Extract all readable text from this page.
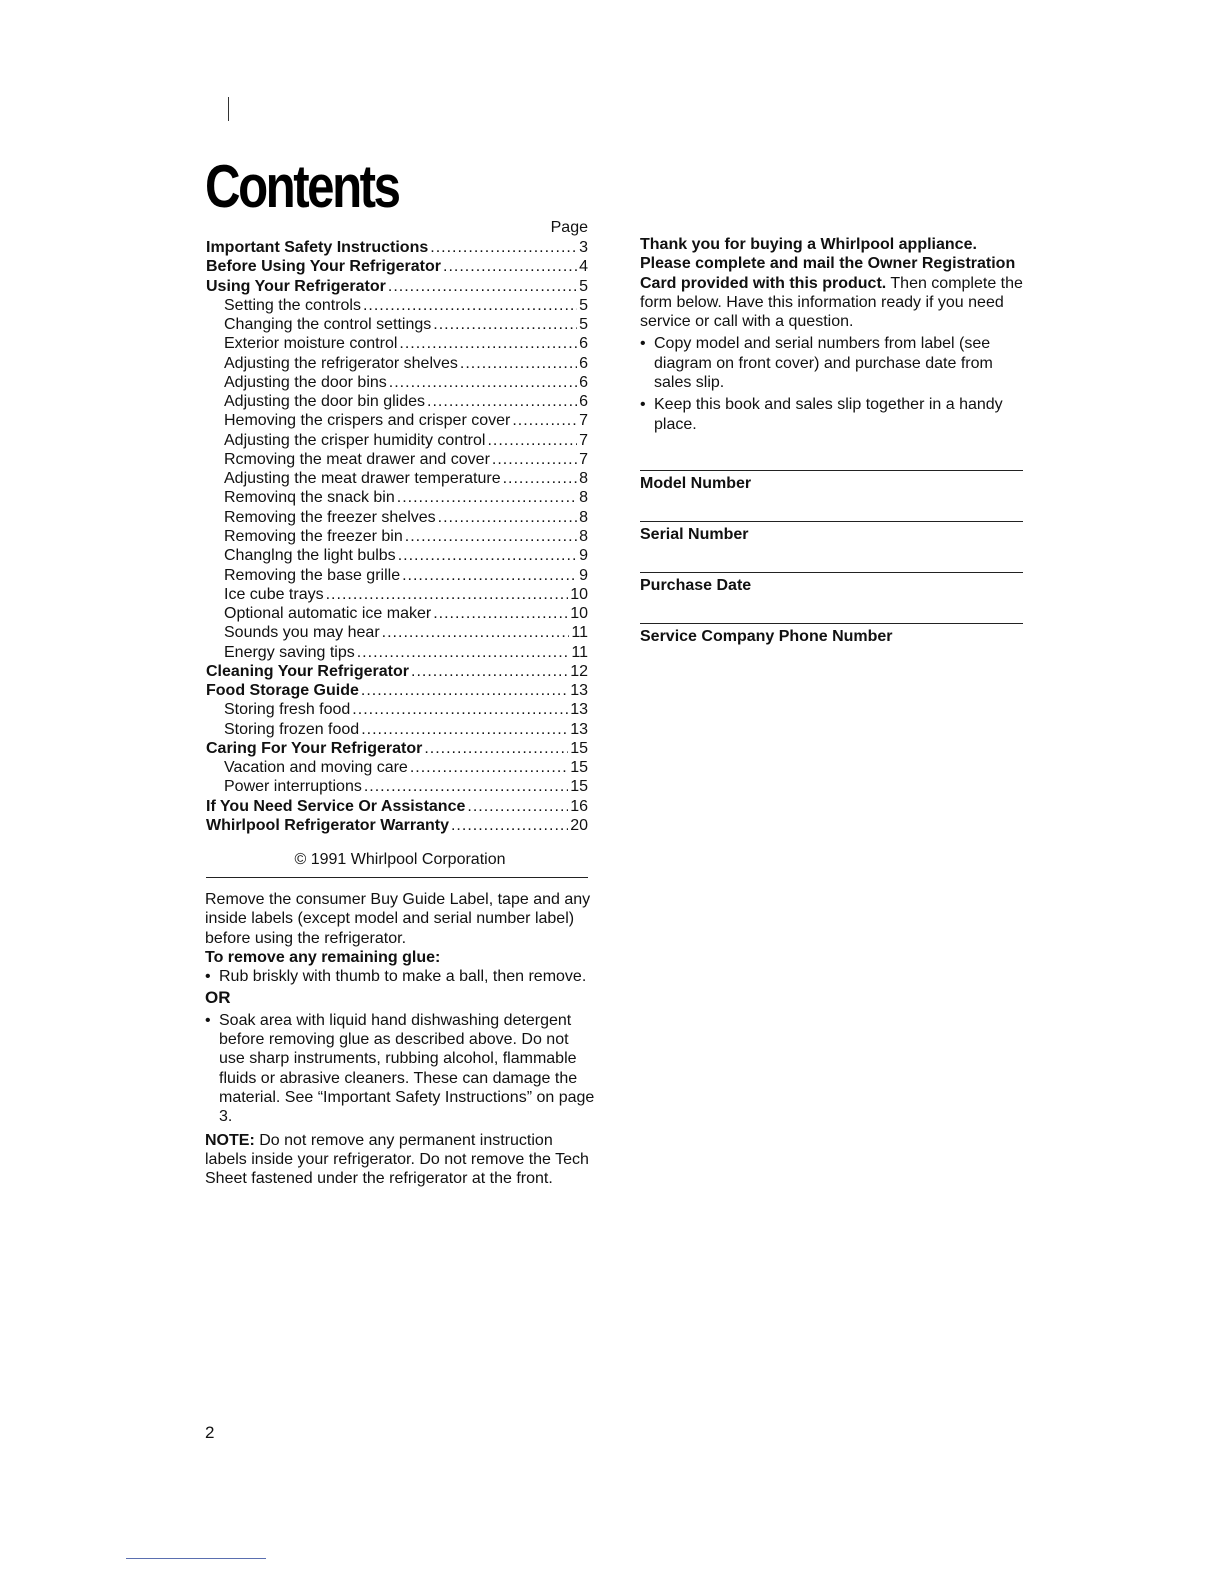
Contents
Page
Important Safety Instructions .....	3
Before Using Your Refrigerator .....	4
Using Your Refrigerator .....	5
Setting the controls .....	5
Changing the control settings .....	5
Exterior moisture control .....	6
Adjusting the refrigerator shelves .....	6
Adjusting the door bins .....	6
Adjusting the door bin glides .....	6
Hemoving the crispers and crisper cover .....	7
Adjusting the crisper humidity control .....	7
Rcmoving the meat drawer and cover .....	7
Adjusting the meat drawer temperature .....	8
Removinq the snack bin .....	8
Removing the freezer shelves .....	8
Removing the freezer bin .....	8
Changlng the light bulbs .....	9
Removing the base grille .....	9
Ice cube trays .....	10
Optional automatic ice maker .....	10
Sounds you may hear .....	11
Energy saving tips .....	11
Cleaning Your Refrigerator .....	12
Food Storage Guide .....	13
Storing fresh food .....	13
Storing frozen food .....	13
Caring For Your Refrigerator .....	15
Vacation and moving care .....	15
Power interruptions .....	15
If You Need Service Or Assistance .....	16
Whirlpool Refrigerator Warranty .....	20
© 1991 Whirlpool Corporation

Remove the consumer Buy Guide Label, tape and any inside labels (except model and serial number label) before using the refrigerator.

To remove any remaining glue:

• Rub briskly with thumb to make a ball, then remove.

OR

• Soak area with liquid hand dishwashing detergent before removing glue as described above. Do not use sharp instruments, rubbing alcohol, flammable fluids or abrasive cleaners. These can damage the material. See “Important Safety Instructions” on page 3.

NOTE: Do not remove any permanent instruction labels inside your refrigerator. Do not remove the Tech Sheet fastened under the refrigerator at the front.

Thank you for buying a Whirlpool appliance. Please complete and mail the Owner Registration Card provided with this product. Then complete the form below. Have this information ready if you need service or call with a question.

• Copy model and serial numbers from label (see diagram on front cover) and purchase date from sales slip.
• Keep this book and sales slip together in a handy place.
Model Number
Serial Number
Purchase Date
Service Company Phone Number
2
